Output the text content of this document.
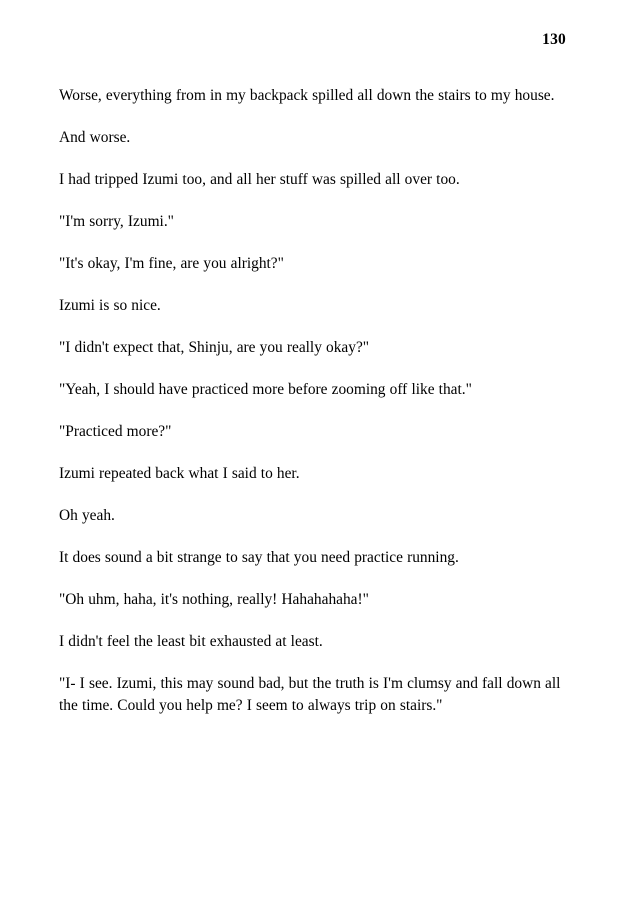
130

Worse, everything from in my backpack spilled all down the stairs to my house.

And worse.

I had tripped Izumi too, and all her stuff was spilled all over too.

"I'm sorry, Izumi."

"It's okay, I'm fine, are you alright?"

Izumi is so nice.

"I didn't expect that, Shinju, are you really okay?"

"Yeah, I should have practiced more before zooming off like that."

"Practiced more?"

Izumi repeated back what I said to her.

Oh yeah.

It does sound a bit strange to say that you need practice running.

"Oh uhm, haha, it's nothing, really! Hahahahaha!"

I didn't feel the least bit exhausted at least.

"I- I see. Izumi, this may sound bad, but the truth is I'm clumsy and fall down all the time. Could you help me? I seem to always trip on stairs."
